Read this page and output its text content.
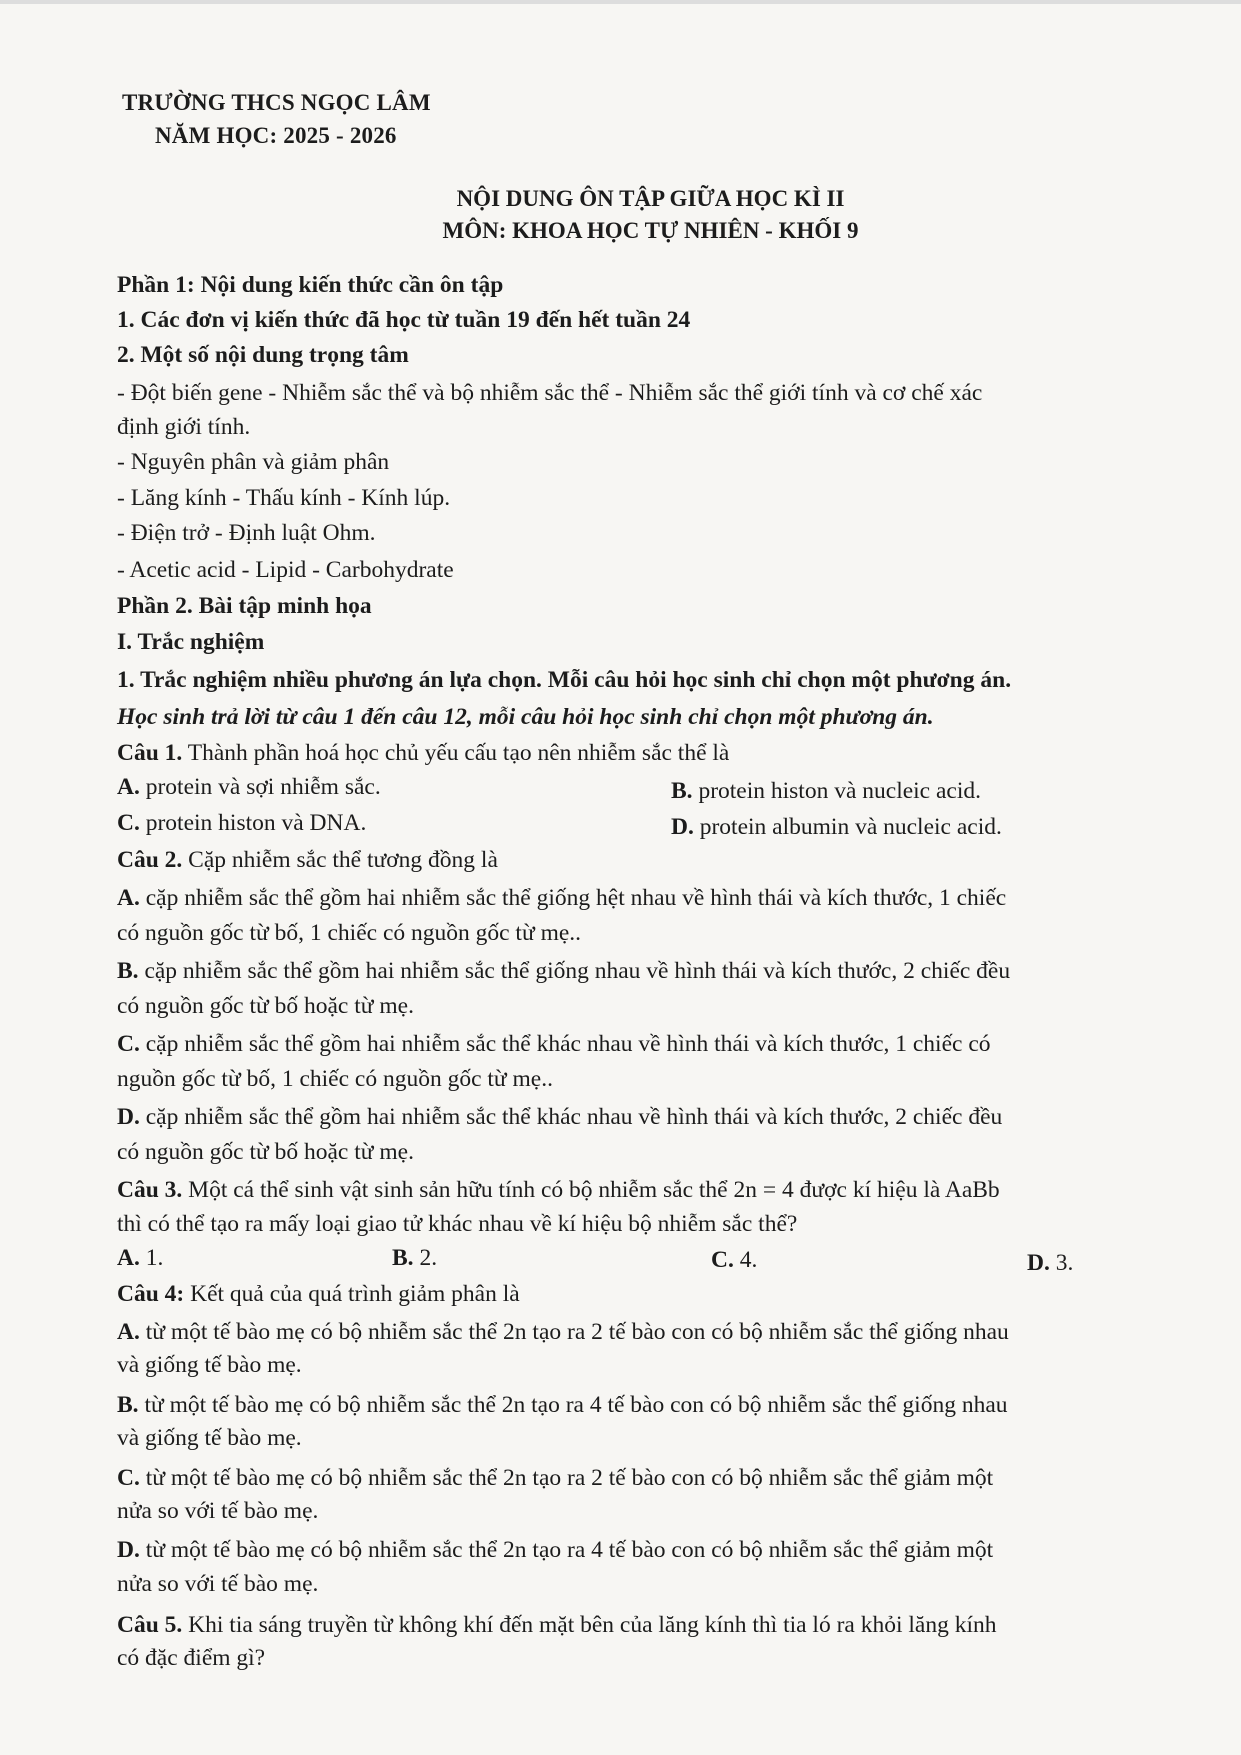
TRƯỜNG THCS NGỌC LÂM
NĂM HỌC: 2025 - 2026
NỘI DUNG ÔN TẬP GIỮA HỌC KÌ II
MÔN: KHOA HỌC TỰ NHIÊN - KHỐI 9
Phần 1: Nội dung kiến thức cần ôn tập
1. Các đơn vị kiến thức đã học từ tuần 19 đến hết tuần 24
2. Một số nội dung trọng tâm
- Đột biến gene - Nhiễm sắc thể và bộ nhiễm sắc thể - Nhiễm sắc thể giới tính và cơ chế xác
định giới tính.
- Nguyên phân và giảm phân
- Lăng kính - Thấu kính - Kính lúp.
- Điện trở - Định luật Ohm.
- Acetic acid - Lipid - Carbohydrate
Phần 2. Bài tập minh họa
I. Trắc nghiệm
1. Trắc nghiệm nhiều phương án lựa chọn. Mỗi câu hỏi học sinh chỉ chọn một phương án.
Học sinh trả lời từ câu 1 đến câu 12, mỗi câu hỏi học sinh chỉ chọn một phương án.
Câu 1. Thành phần hoá học chủ yếu cấu tạo nên nhiễm sắc thể là
A. protein và sợi nhiễm sắc.	B. protein histon và nucleic acid.
C. protein histon và DNA.	D. protein albumin và nucleic acid.
Câu 2. Cặp nhiễm sắc thể tương đồng là
A. cặp nhiễm sắc thể gồm hai nhiễm sắc thể giống hệt nhau về hình thái và kích thước, 1 chiếc
có nguồn gốc từ bố, 1 chiếc có nguồn gốc từ mẹ..
B. cặp nhiễm sắc thể gồm hai nhiễm sắc thể giống nhau về hình thái và kích thước, 2 chiếc đều
có nguồn gốc từ bố hoặc từ mẹ.
C. cặp nhiễm sắc thể gồm hai nhiễm sắc thể khác nhau về hình thái và kích thước, 1 chiếc có
nguồn gốc từ bố, 1 chiếc có nguồn gốc từ mẹ..
D. cặp nhiễm sắc thể gồm hai nhiễm sắc thể khác nhau về hình thái và kích thước, 2 chiếc đều
có nguồn gốc từ bố hoặc từ mẹ.
Câu 3. Một cá thể sinh vật sinh sản hữu tính có bộ nhiễm sắc thể 2n = 4 được kí hiệu là AaBb
thì có thể tạo ra mấy loại giao tử khác nhau về kí hiệu bộ nhiễm sắc thể?
A. 1.	B. 2.	C. 4.	D. 3.
Câu 4: Kết quả của quá trình giảm phân là
A. từ một tế bào mẹ có bộ nhiễm sắc thể 2n tạo ra 2 tế bào con có bộ nhiễm sắc thể giống nhau
và giống tế bào mẹ.
B. từ một tế bào mẹ có bộ nhiễm sắc thể 2n tạo ra 4 tế bào con có bộ nhiễm sắc thể giống nhau
và giống tế bào mẹ.
C. từ một tế bào mẹ có bộ nhiễm sắc thể 2n tạo ra 2 tế bào con có bộ nhiễm sắc thể giảm một
nửa so với tế bào mẹ.
D. từ một tế bào mẹ có bộ nhiễm sắc thể 2n tạo ra 4 tế bào con có bộ nhiễm sắc thể giảm một
nửa so với tế bào mẹ.
Câu 5. Khi tia sáng truyền từ không khí đến mặt bên của lăng kính thì tia ló ra khỏi lăng kính
có đặc điểm gì?
